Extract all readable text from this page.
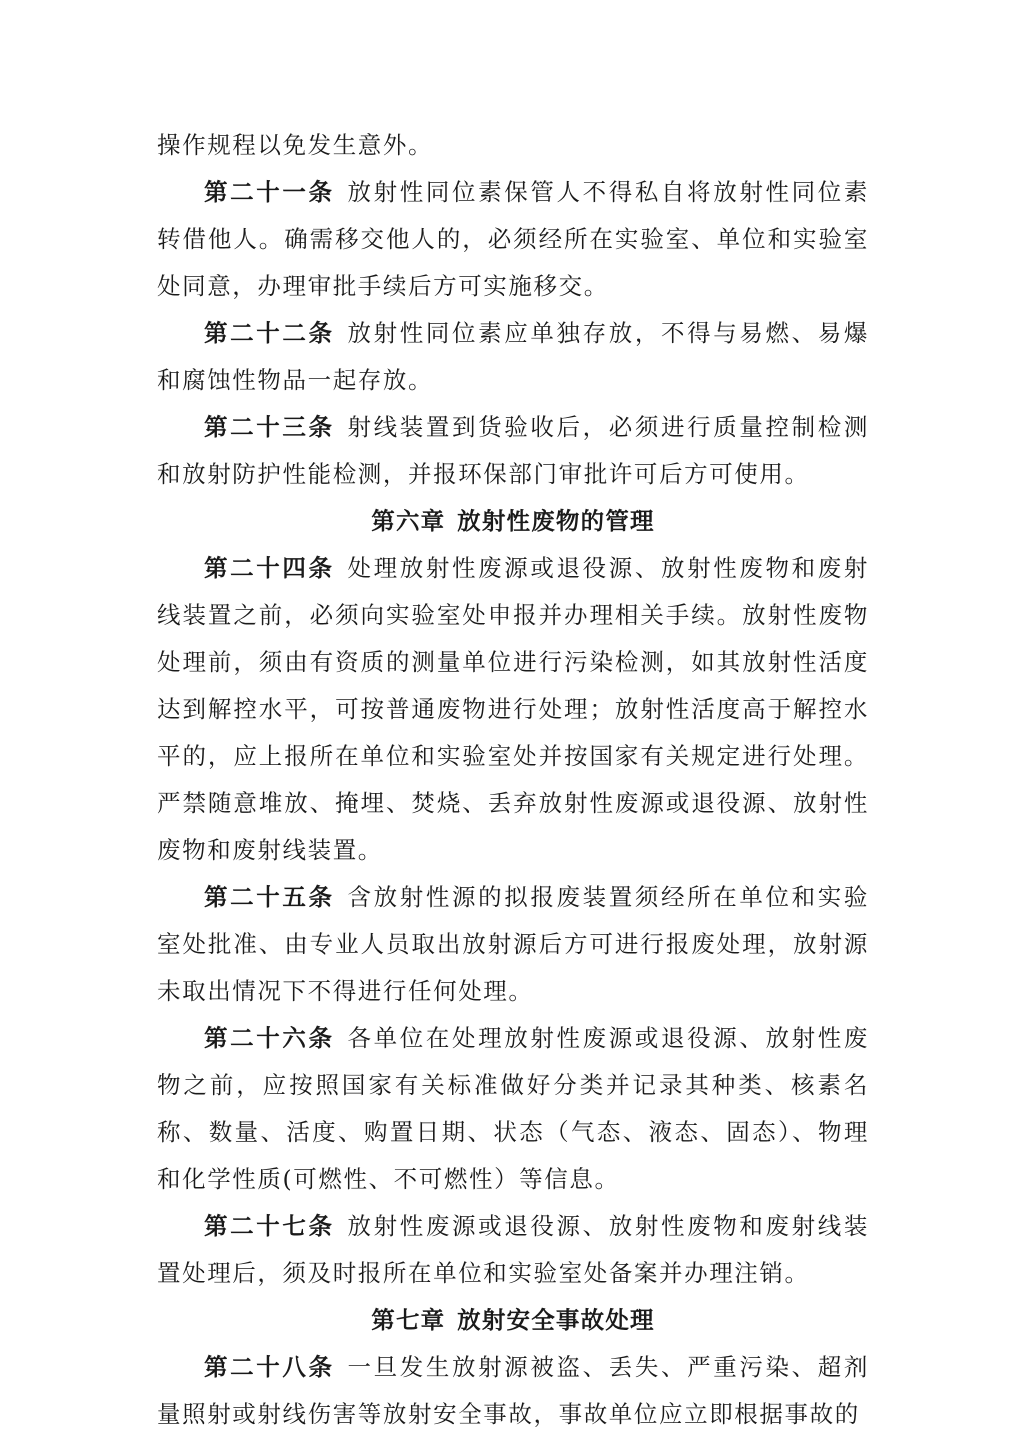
操作规程以免发生意外。

第二十一条 放射性同位素保管人不得私自将放射性同位素转借他人。确需移交他人的，必须经所在实验室、单位和实验室处同意，办理审批手续后方可实施移交。

第二十二条 放射性同位素应单独存放，不得与易燃、易爆和腐蚀性物品一起存放。

第二十三条 射线装置到货验收后，必须进行质量控制检测和放射防护性能检测，并报环保部门审批许可后方可使用。

第六章 放射性废物的管理

第二十四条 处理放射性废源或退役源、放射性废物和废射线装置之前，必须向实验室处申报并办理相关手续。放射性废物处理前，须由有资质的测量单位进行污染检测，如其放射性活度达到解控水平，可按普通废物进行处理；放射性活度高于解控水平的，应上报所在单位和实验室处并按国家有关规定进行处理。严禁随意堆放、掩埋、焚烧、丢弃放射性废源或退役源、放射性废物和废射线装置。

第二十五条 含放射性源的拟报废装置须经所在单位和实验室处批准、由专业人员取出放射源后方可进行报废处理，放射源未取出情况下不得进行任何处理。

第二十六条 各单位在处理放射性废源或退役源、放射性废物之前，应按照国家有关标准做好分类并记录其种类、核素名称、数量、活度、购置日期、状态（气态、液态、固态）、物理和化学性质(可燃性、不可燃性）等信息。

第二十七条 放射性废源或退役源、放射性废物和废射线装置处理后，须及时报所在单位和实验室处备案并办理注销。

第七章 放射安全事故处理

第二十八条 一旦发生放射源被盗、丢失、严重污染、超剂量照射或射线伤害等放射安全事故，事故单位应立即根据事故的
